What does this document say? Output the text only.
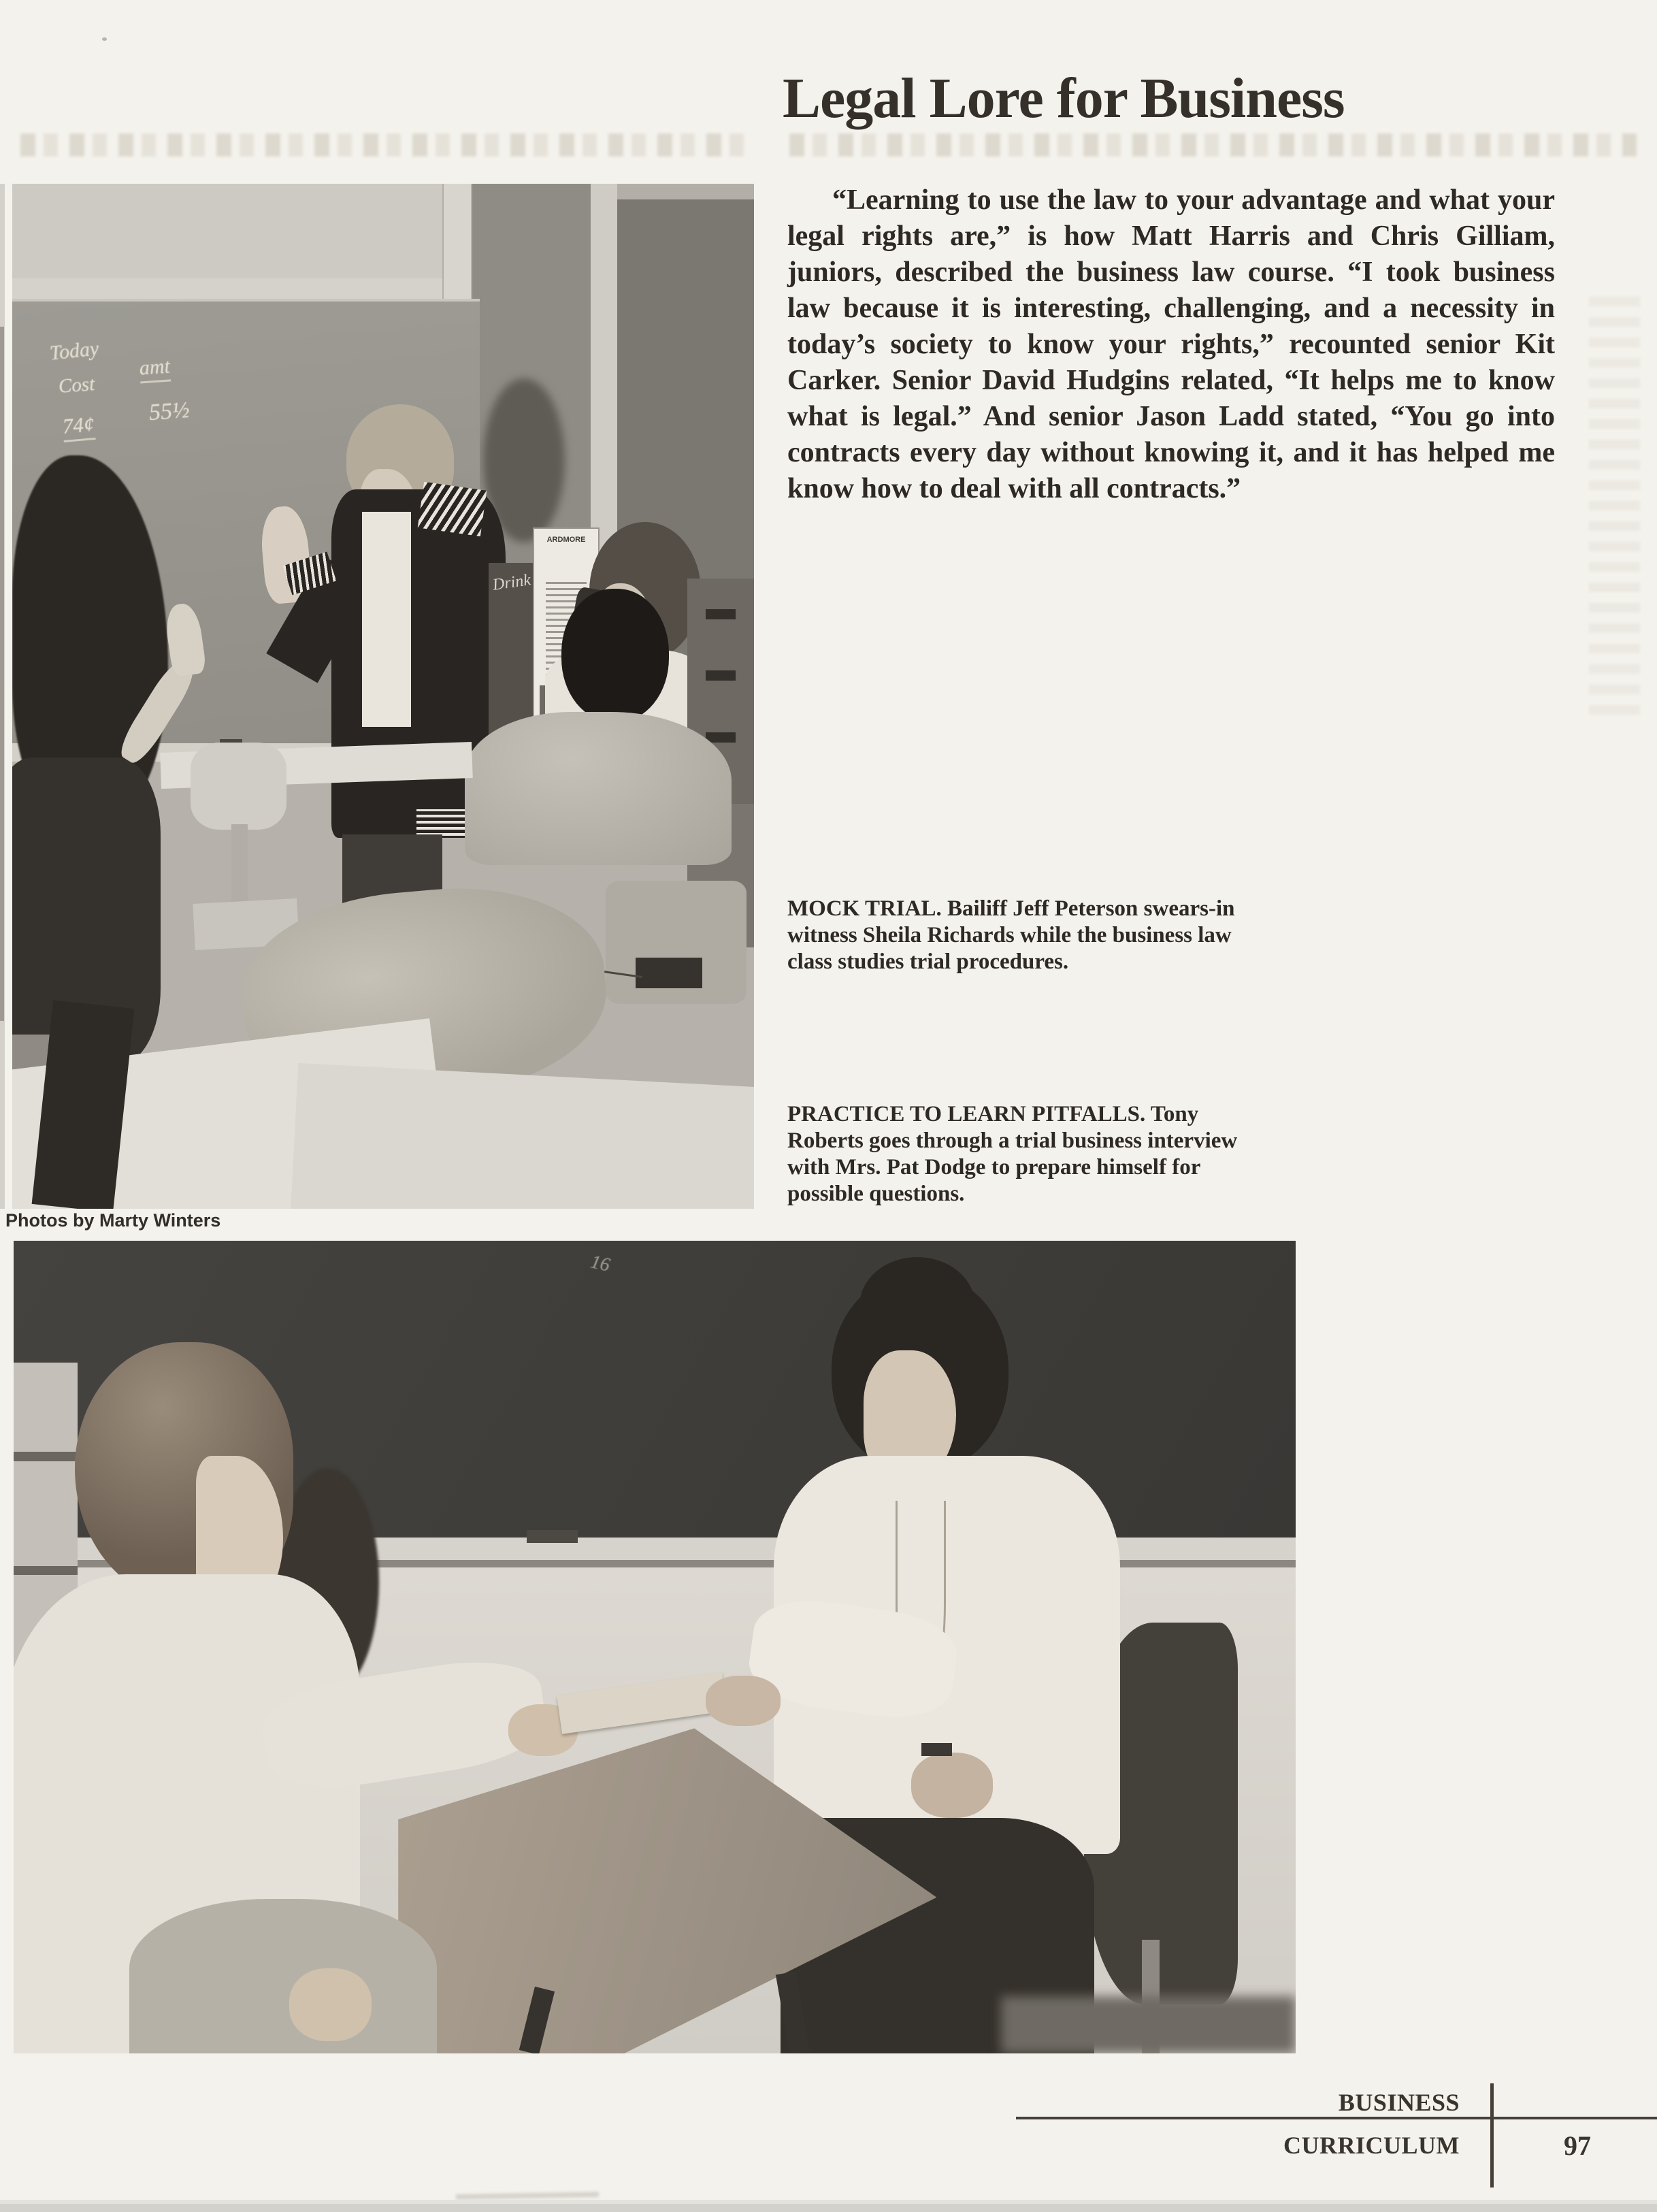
Legal Lore for Business
“Learning to use the law to your advantage and what your legal rights are,” is how Matt Harris and Chris Gilliam, juniors, described the business law course. “I took business law because it is interesting, challenging, and a necessity in today’s society to know your rights,” recounted senior Kit Carker. Senior David Hudgins related, “It helps me to know what is legal.” And senior Jason Ladd stated, “You go into contracts every day without knowing it, and it has helped me know how to deal with all contracts.”
Today
Cost
74¢
amt
55½
Drink
ARDMORE
Photos by Marty Winters
MOCK TRIAL. Bailiff Jeff Peterson swears-in witness Sheila Richards while the business law class studies trial procedures.
PRACTICE TO LEARN PITFALLS. Tony Roberts goes through a trial business interview with Mrs. Pat Dodge to prepare himself for possible questions.
16
BUSINESS
CURRICULUM	97
